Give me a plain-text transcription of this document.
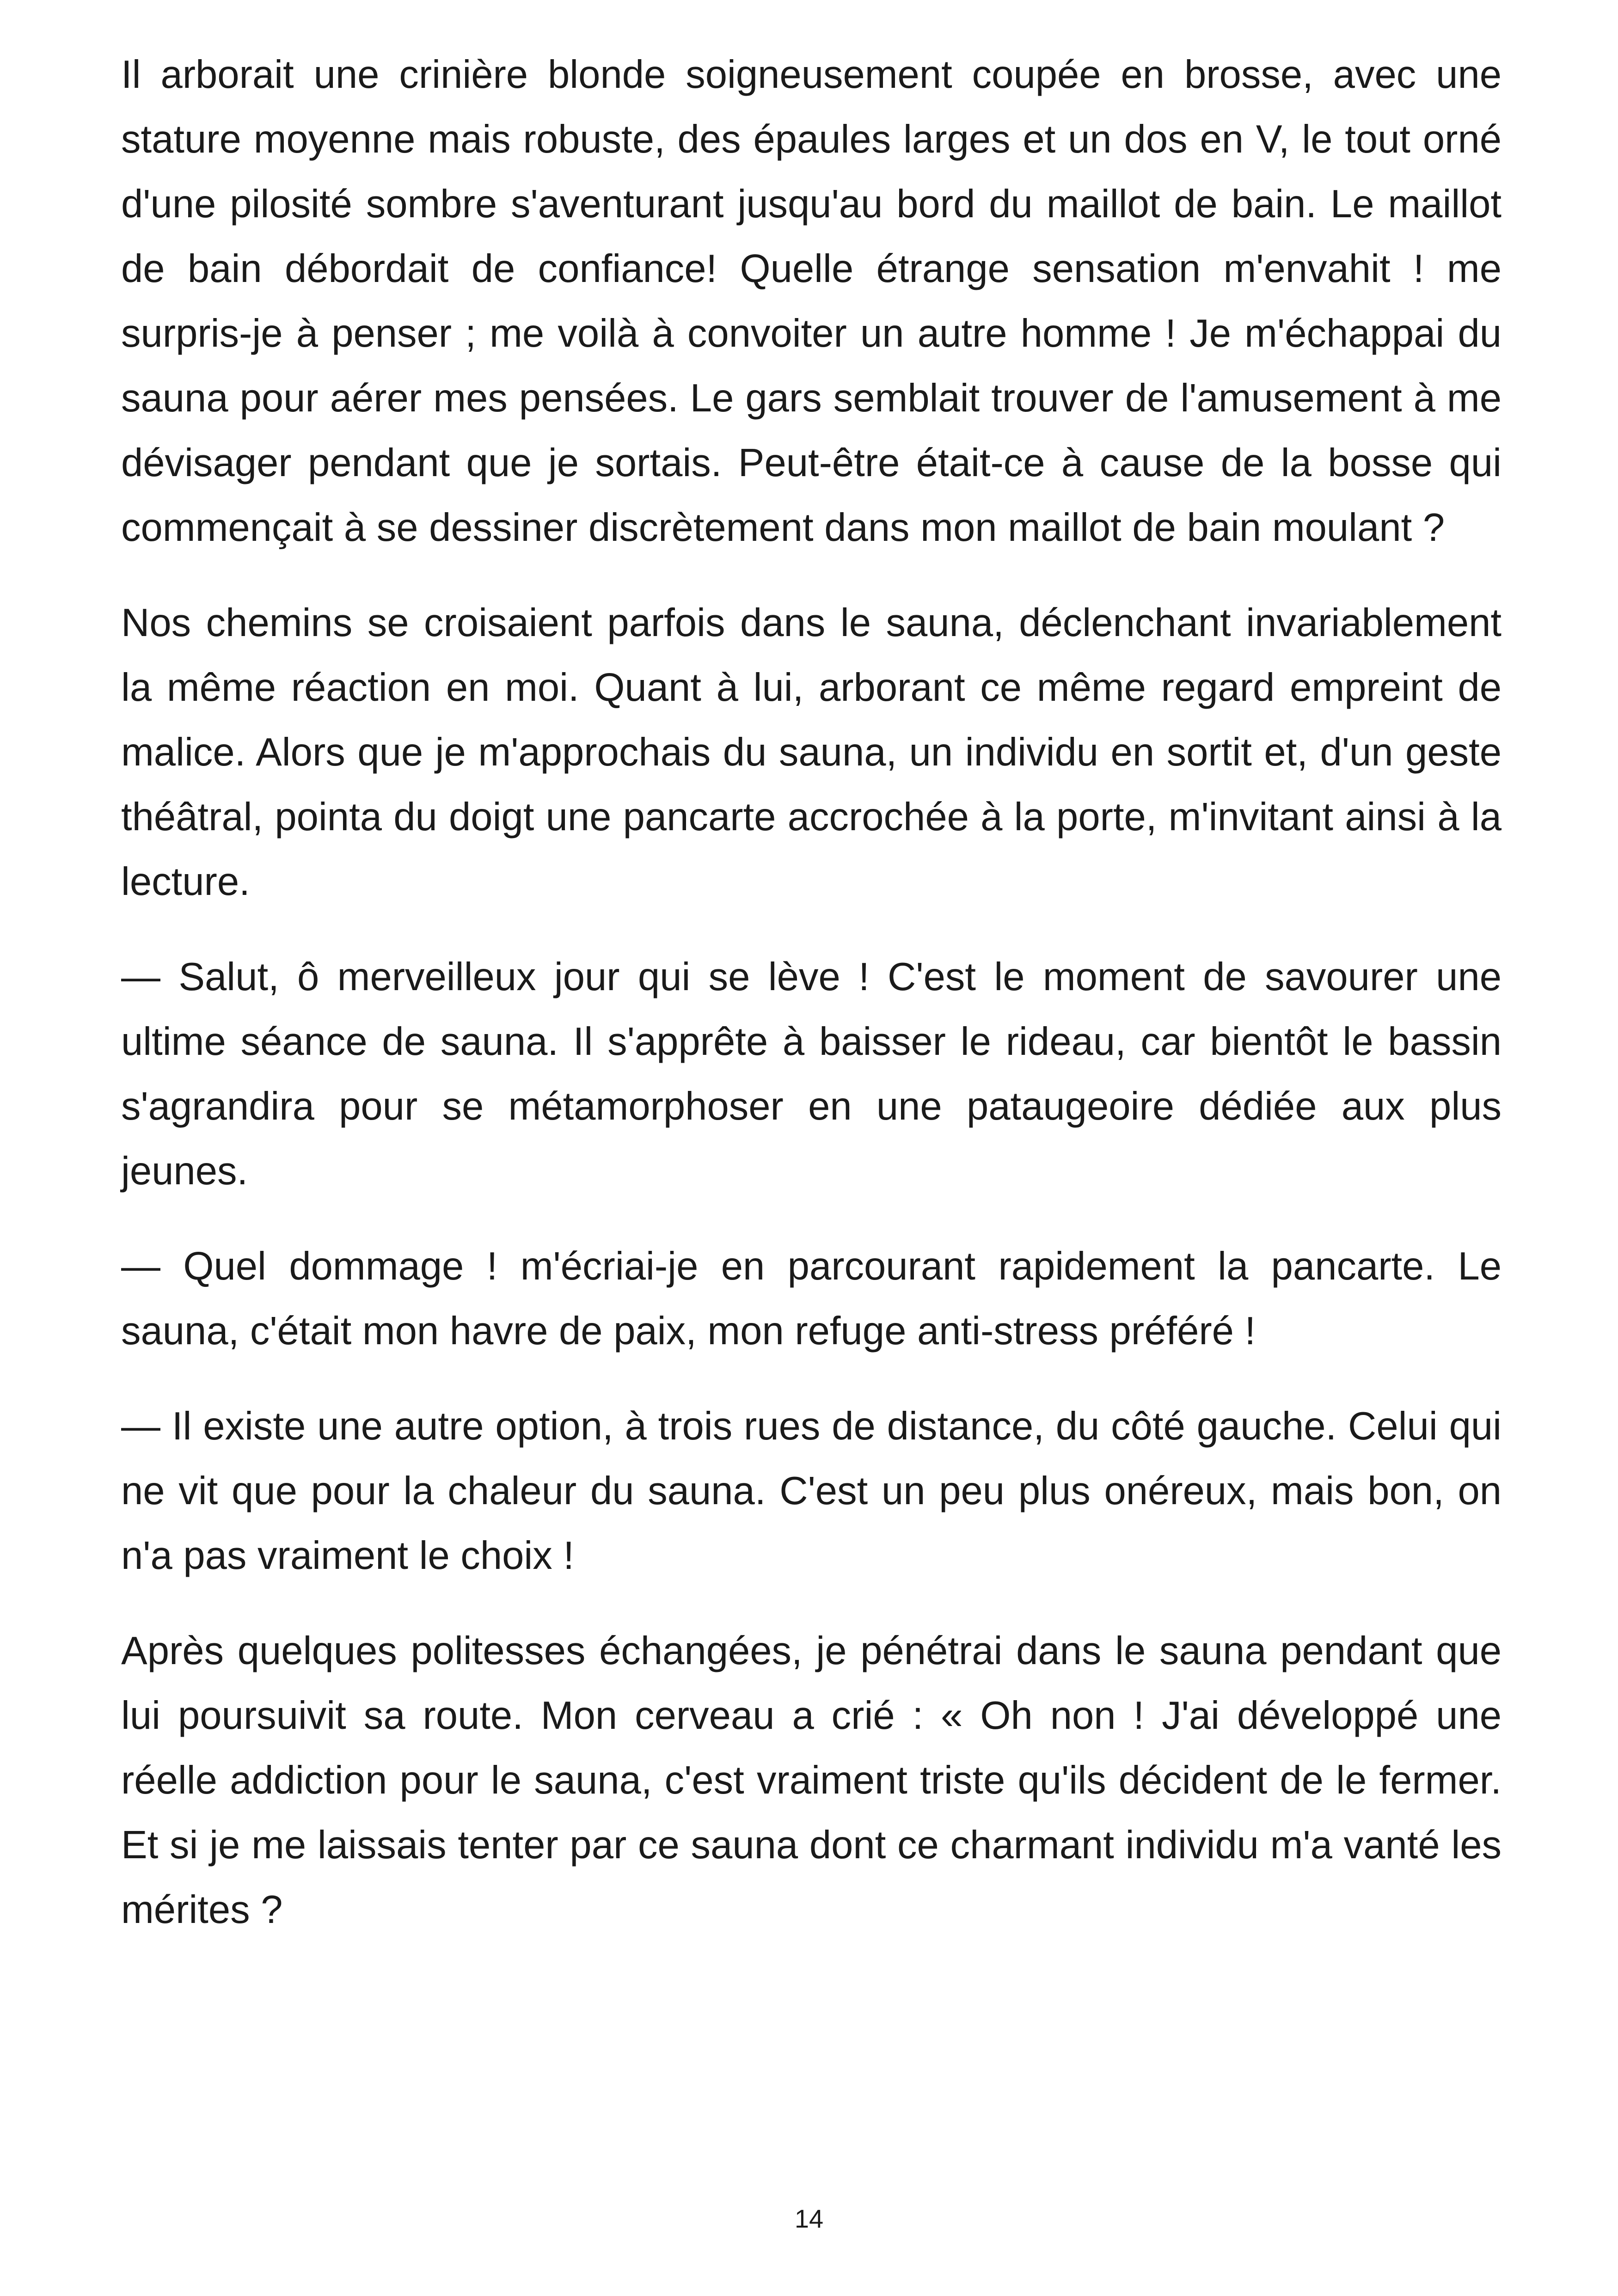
Il arborait une crinière blonde soigneusement coupée en brosse, avec une stature moyenne mais robuste, des épaules larges et un dos en V, le tout orné d'une pilosité sombre s'aventurant jusqu'au bord du maillot de bain. Le maillot de bain débordait de confiance! Quelle étrange sensation m'envahit ! me surpris-je à penser ; me voilà à convoiter un autre homme ! Je m'échappai du sauna pour aérer mes pensées. Le gars semblait trouver de l'amusement à me dévisager pendant que je sortais. Peut-être était-ce à cause de la bosse qui commençait à se dessiner discrètement dans mon maillot de bain moulant ?

Nos chemins se croisaient parfois dans le sauna, déclenchant invariablement la même réaction en moi. Quant à lui, arborant ce même regard empreint de malice. Alors que je m'approchais du sauna, un individu en sortit et, d'un geste théâtral, pointa du doigt une pancarte accrochée à la porte, m'invitant ainsi à la lecture.

— Salut, ô merveilleux jour qui se lève ! C'est le moment de savourer une ultime séance de sauna. Il s'apprête à baisser le rideau, car bientôt le bassin s'agrandira pour se métamorphoser en une pataugeoire dédiée aux plus jeunes.

— Quel dommage ! m'écriai-je en parcourant rapidement la pancarte. Le sauna, c'était mon havre de paix, mon refuge anti-stress préféré !

— Il existe une autre option, à trois rues de distance, du côté gauche. Celui qui ne vit que pour la chaleur du sauna. C'est un peu plus onéreux, mais bon, on n'a pas vraiment le choix !

Après quelques politesses échangées, je pénétrai dans le sauna pendant que lui poursuivit sa route. Mon cerveau a crié : « Oh non ! J'ai développé une réelle addiction pour le sauna, c'est vraiment triste qu'ils décident de le fermer. Et si je me laissais tenter par ce sauna dont ce charmant individu m'a vanté les mérites ?

14
